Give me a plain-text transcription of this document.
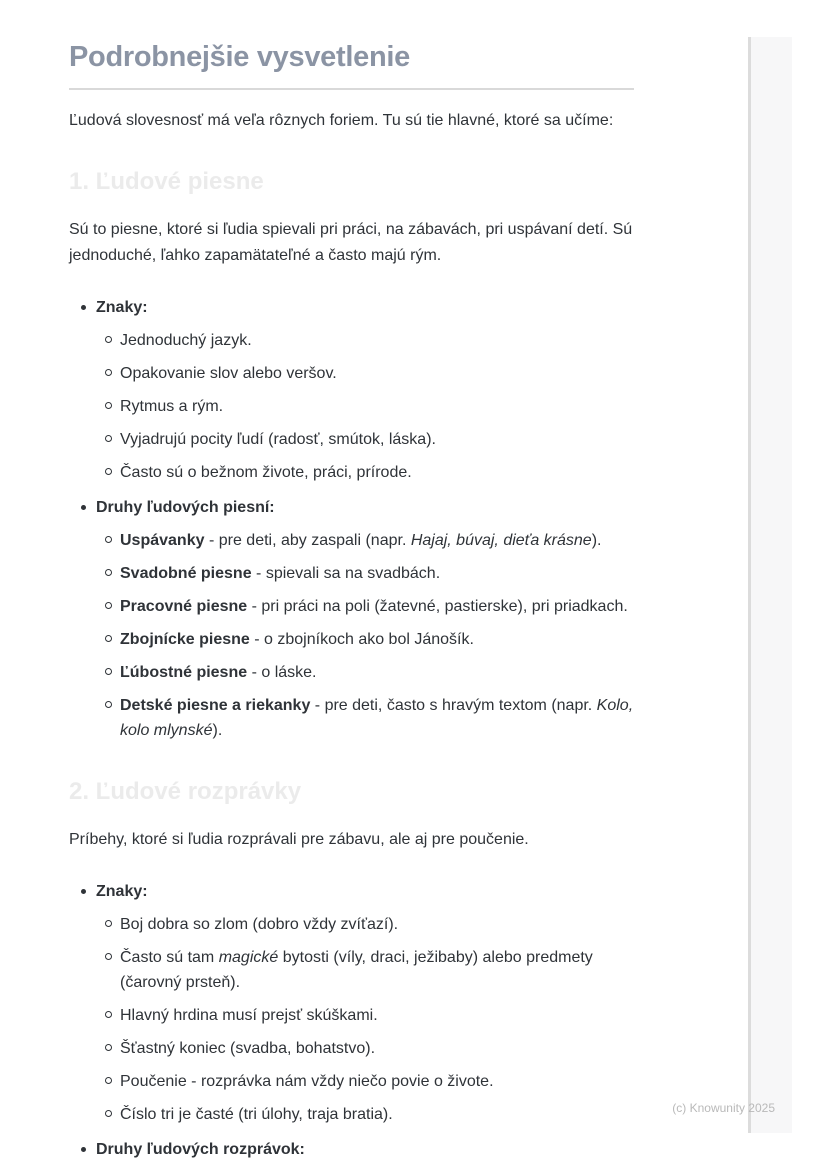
Podrobnejšie vysvetlenie

Ľudová slovesnosť má veľa rôznych foriem. Tu sú tie hlavné, ktoré sa učíme:

1. Ľudové piesne

Sú to piesne, ktoré si ľudia spievali pri práci, na zábavách, pri uspávaní detí. Sú jednoduché, ľahko zapamätateľné a často majú rým.

Znaky:
Jednoduchý jazyk.
Opakovanie slov alebo veršov.
Rytmus a rým.
Vyjadrujú pocity ľudí (radosť, smútok, láska).
Často sú o bežnom živote, práci, prírode.
Druhy ľudových piesní:
Uspávanky - pre deti, aby zaspali (napr. Hajaj, búvaj, dieťa krásne).
Svadobné piesne - spievali sa na svadbách.
Pracovné piesne - pri práci na poli (žatevné, pastierske), pri priadkach.
Zbojnícke piesne - o zbojníkoch ako bol Jánošík.
Ľúbostné piesne - o láske.
Detské piesne a riekanky - pre deti, často s hravým textom (napr. Kolo, kolo mlynské).
2. Ľudové rozprávky

Príbehy, ktoré si ľudia rozprávali pre zábavu, ale aj pre poučenie.

Znaky:
Boj dobra so zlom (dobro vždy zvíťazí).
Často sú tam magické bytosti (víly, draci, ježibaby) alebo predmety (čarovný prsteň).
Hlavný hrdina musí prejsť skúškami.
Šťastný koniec (svadba, bohatstvo).
Poučenie - rozprávka nám vždy niečo povie o živote.
Číslo tri je časté (tri úlohy, traja bratia).
Druhy ľudových rozprávok:
(c) Knowunity 2025
